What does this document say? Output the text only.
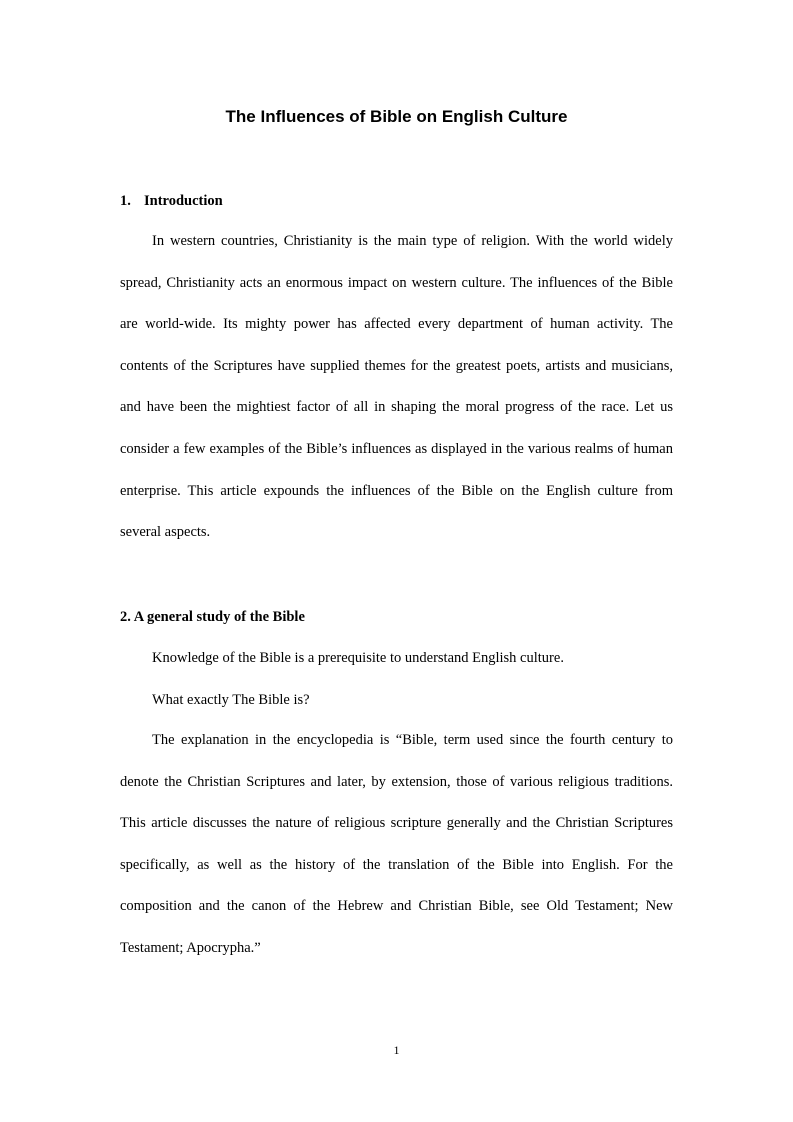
The Influences of Bible on English Culture
1. Introduction

In western countries, Christianity is the main type of religion. With the world widely spread, Christianity acts an enormous impact on western culture. The influences of the Bible are world-wide. Its mighty power has affected every department of human activity. The contents of the Scriptures have supplied themes for the greatest poets, artists and musicians, and have been the mightiest factor of all in shaping the moral progress of the race. Let us consider a few examples of the Bible’s influences as displayed in the various realms of human enterprise. This article expounds the influences of the Bible on the English culture from several aspects.

2. A general study of the Bible

Knowledge of the Bible is a prerequisite to understand English culture.

What exactly The Bible is?

The explanation in the encyclopedia is “Bible, term used since the fourth century to denote the Christian Scriptures and later, by extension, those of various religious traditions. This article discusses the nature of religious scripture generally and the Christian Scriptures specifically, as well as the history of the translation of the Bible into English. For the composition and the canon of the Hebrew and Christian Bible, see Old Testament; New Testament; Apocrypha.”

1
